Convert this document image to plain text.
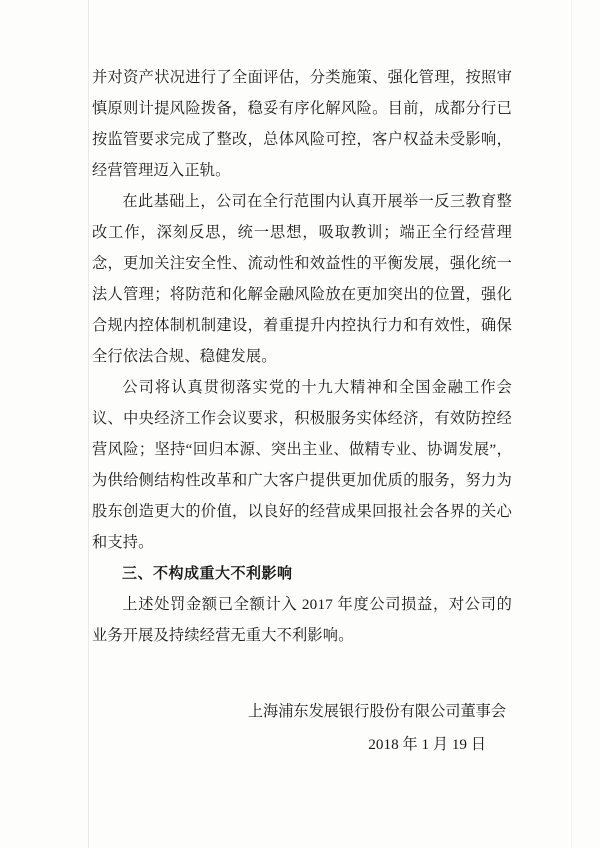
并对资产状况进行了全面评估，分类施策、强化管理，按照审慎原则计提风险拨备，稳妥有序化解风险。目前，成都分行已按监管要求完成了整改，总体风险可控，客户权益未受影响，经营管理迈入正轨。

在此基础上，公司在全行范围内认真开展举一反三教育整改工作，深刻反思，统一思想，吸取教训；端正全行经营理念，更加关注安全性、流动性和效益性的平衡发展，强化统一法人管理；将防范和化解金融风险放在更加突出的位置，强化合规内控体制机制建设，着重提升内控执行力和有效性，确保全行依法合规、稳健发展。

公司将认真贯彻落实党的十九大精神和全国金融工作会议、中央经济工作会议要求，积极服务实体经济，有效防控经营风险；坚持“回归本源、突出主业、做精专业、协调发展”，为供给侧结构性改革和广大客户提供更加优质的服务，努力为股东创造更大的价值，以良好的经营成果回报社会各界的关心和支持。

三、不构成重大不利影响

上述处罚金额已全额计入 2017 年度公司损益，对公司的业务开展及持续经营无重大不利影响。

上海浦东发展银行股份有限公司董事会
2018 年 1 月 19 日
